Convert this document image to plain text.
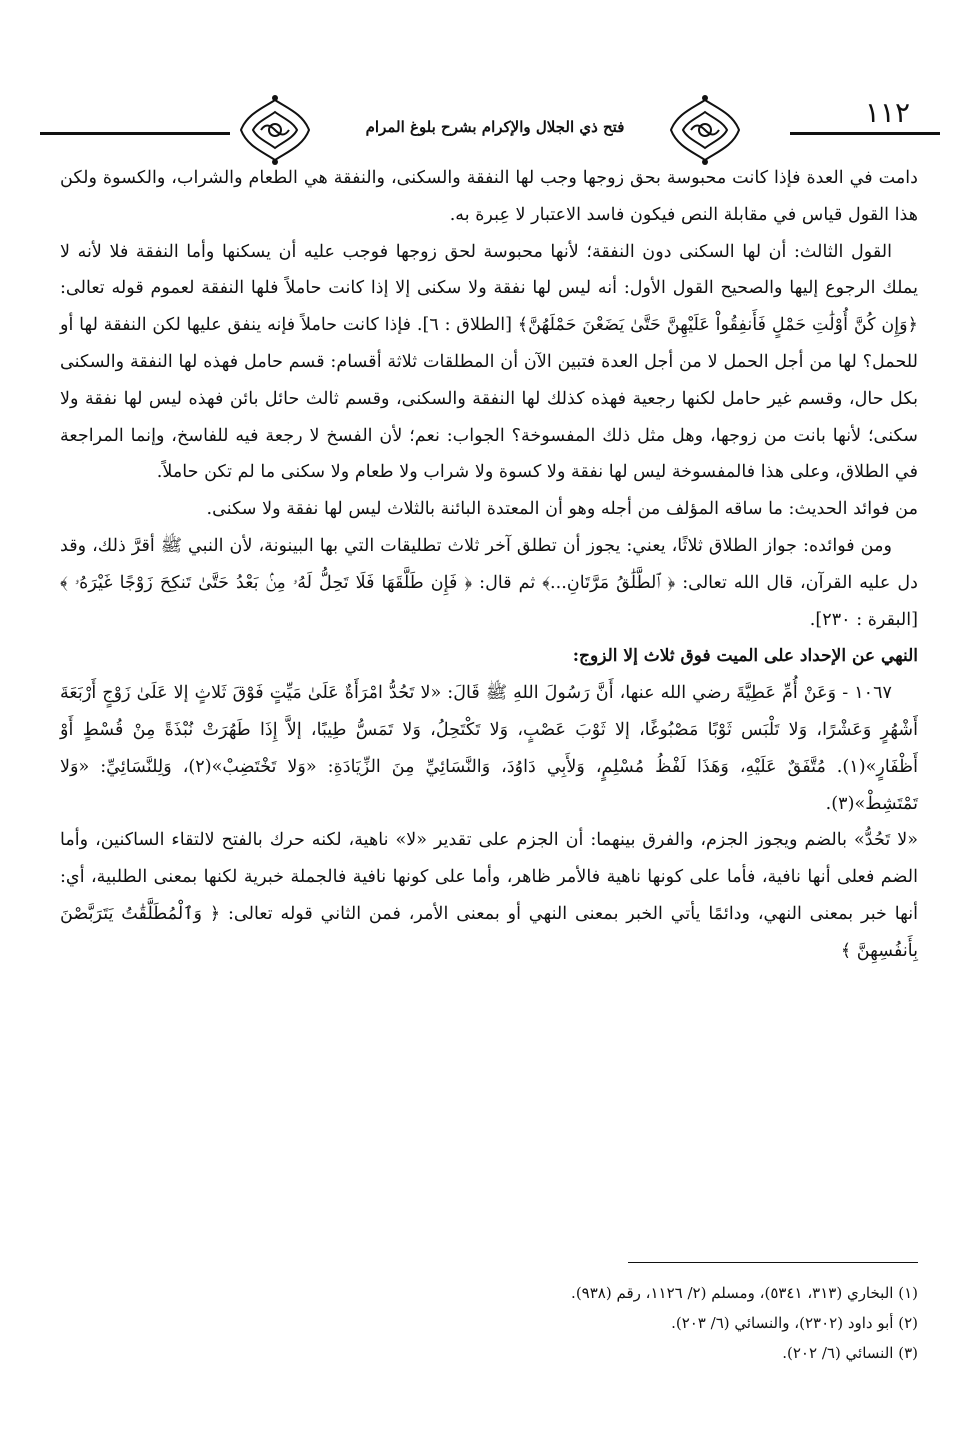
١١٢
فتح ذي الجلال والإكرام بشرح بلوغ المرام

دامت في العدة فإذا كانت محبوسة بحق زوجها وجب لها النفقة والسكنى، والنفقة هي الطعام والشراب، والكسوة ولكن هذا القول قياس في مقابلة النص فيكون فاسد الاعتبار لا عِبرة به.

القول الثالث: أن لها السكنى دون النفقة؛ لأنها محبوسة لحق زوجها فوجب عليه أن يسكنها وأما النفقة فلا لأنه لا يملك الرجوع إليها والصحيح القول الأول: أنه ليس لها نفقة ولا سكنى إلا إذا كانت حاملاً فلها النفقة لعموم قوله تعالى: ﴿وَإِن كُنَّ أُوْلَٰتِ حَمْلٍ فَأَنفِقُواْ عَلَيْهِنَّ حَتَّىٰ يَضَعْنَ حَمْلَهُنَّ﴾ [الطلاق : ٦]. فإذا كانت حاملاً فإنه ينفق عليها لكن النفقة لها أو للحمل؟ لها من أجل الحمل لا من أجل العدة فتبين الآن أن المطلقات ثلاثة أقسام: قسم حامل فهذه لها النفقة والسكنى بكل حال، وقسم غير حامل لكنها رجعية فهذه كذلك لها النفقة والسكنى، وقسم ثالث حائل بائن فهذه ليس لها نفقة ولا سكنى؛ لأنها بانت من زوجها، وهل مثل ذلك المفسوخة؟ الجواب: نعم؛ لأن الفسخ لا رجعة فيه للفاسخ، وإنما المراجعة في الطلاق، وعلى هذا فالمفسوخة ليس لها نفقة ولا كسوة ولا شراب ولا طعام ولا سكنى ما لم تكن حاملاً.

من فوائد الحديث: ما ساقه المؤلف من أجله وهو أن المعتدة البائنة بالثلاث ليس لها نفقة ولا سكنى.

ومن فوائده: جواز الطلاق ثلاثًا، يعني: يجوز أن تطلق آخر ثلاث تطليقات التي بها البينونة، لأن النبي ﷺ أقرَّ ذلك، وقد دل عليه القرآن، قال الله تعالى: ﴿ ٱلطَّلَٰقُ مَرَّتَانِ...﴾ ثم قال: ﴿ فَإِن طَلَّقَهَا فَلَا تَحِلُّ لَهُۥ مِنۢ بَعْدُ حَتَّىٰ تَنكِحَ زَوْجًا غَيْرَهُۥ ﴾ [البقرة : ٢٣٠].

النهي عن الإحداد على الميت فوق ثلاث إلا الزوج:

١٠٦٧ - وَعَنْ أُمِّ عَطِيَّةَ رضي الله عنها، أَنَّ رَسُولَ اللهِ ﷺ قَالَ: «لا تَحُدُّ امْرَأَةٌ عَلَىٰ مَيِّتٍ فَوْقَ ثَلاثٍ إلا عَلَىٰ زَوْجٍ أَرْبَعَةَ أَشْهُرٍ وَعَشْرًا، وَلا تَلْبَس ثَوْبًا مَصْبُوغًا، إلا ثَوْبَ عَصْبٍ، وَلا تَكْتَحِلُ، وَلا تَمَسُّ طِيبًا، إلاَّ إِذَا طَهُرَتْ نُبْذَةً مِنْ قُسْطٍ أَوْ أَظْفَارٍ»(١). مُتَّفَقٌ عَلَيْهِ، وَهَذَا لَفْظُ مُسْلِمٍ، وَلأَبِي دَاوُدَ، وَالنَّسَائِيِّ مِنَ الزِّيَادَةِ: «وَلا تَخْتَضِبْ»(٢)، وَلِلنَّسَائِيِّ: «وَلا تَمْتَشِطْ»(٣).

«لا تَحُدُّ» بالضم ويجوز الجزم، والفرق بينهما: أن الجزم على تقدير «لا» ناهية، لكنه حرك بالفتح لالتقاء الساكنين، وأما الضم فعلى أنها نافية، فأما على كونها ناهية فالأمر ظاهر، وأما على كونها نافية فالجملة خبرية لكنها بمعنى الطلبية، أي: أنها خبر بمعنى النهي، ودائمًا يأتي الخبر بمعنى النهي أو بمعنى الأمر، فمن الثاني قوله تعالى: ﴿ وَٱلْمُطَلَّقَٰتُ يَتَرَبَّصْنَ بِأَنفُسِهِنَّ ﴾

(١) البخاري (٣١٣، ٥٣٤١)، ومسلم (٢/ ١١٢٦، رقم (٩٣٨).

(٢) أبو داود (٢٣٠٢)، والنسائي (٦/ ٢٠٣).

(٣) النسائي (٦/ ٢٠٢).
